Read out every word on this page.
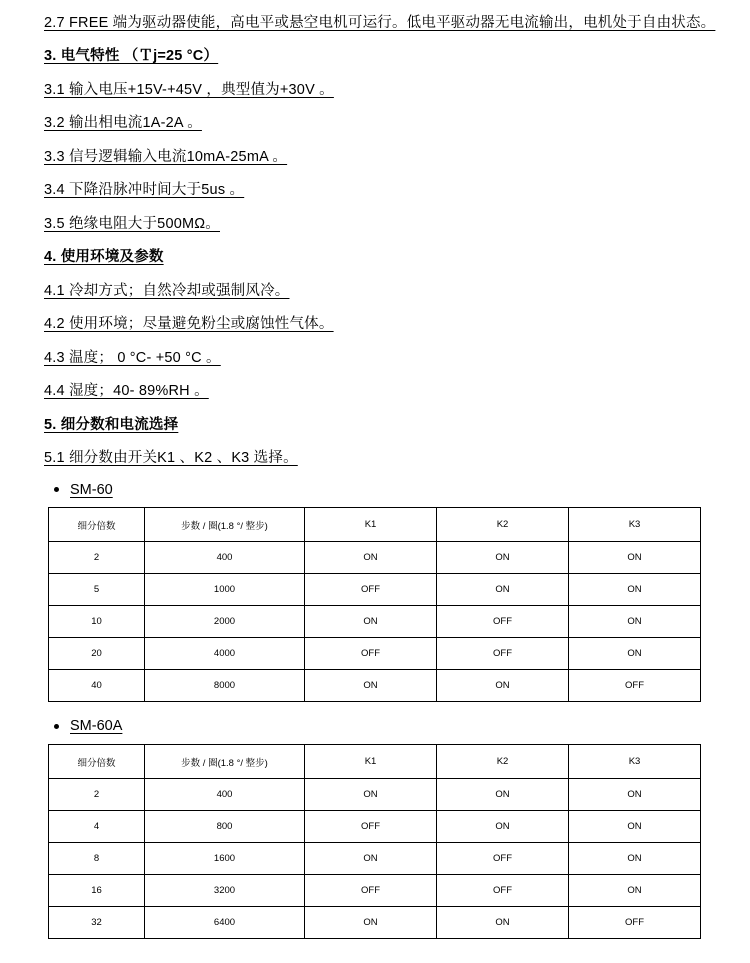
2.7 FREE 端为驱动器使能，高电平或悬空电机可运行。低电平驱动器无电流输出，电机处于自由状态。

3. 电气特性 （Ｔj=25 °C）

3.1 输入电压+15V-+45V ，典型值为+30V 。

3.2 输出相电流1A-2A 。

3.3 信号逻辑输入电流10mA-25mA 。

3.4 下降沿脉冲时间大于5us 。

3.5 绝缘电阻大于500MΩ。

4. 使用环境及参数

4.1 冷却方式；自然冷却或强制风冷。

4.2 使用环境；尽量避免粉尘或腐蚀性气体。

4.3 温度； 0 °C- +50 °C 。

4.4 湿度；40- 89%RH 。

5. 细分数和电流选择

5.1 细分数由开关K1 、K2 、K3 选择。

SM-60
细分倍数	步数 / 圈(1.8 °/ 整步)	K1	K2	K3
2	400	ON	ON	ON
5	1000	OFF	ON	ON
10	2000	ON	OFF	ON
20	4000	OFF	OFF	ON
40	8000	ON	ON	OFF
SM-60A
细分倍数	步数 / 圈(1.8 °/ 整步)	K1	K2	K3
2	400	ON	ON	ON
4	800	OFF	ON	ON
8	1600	ON	OFF	ON
16	3200	OFF	OFF	ON
32	6400	ON	ON	OFF
